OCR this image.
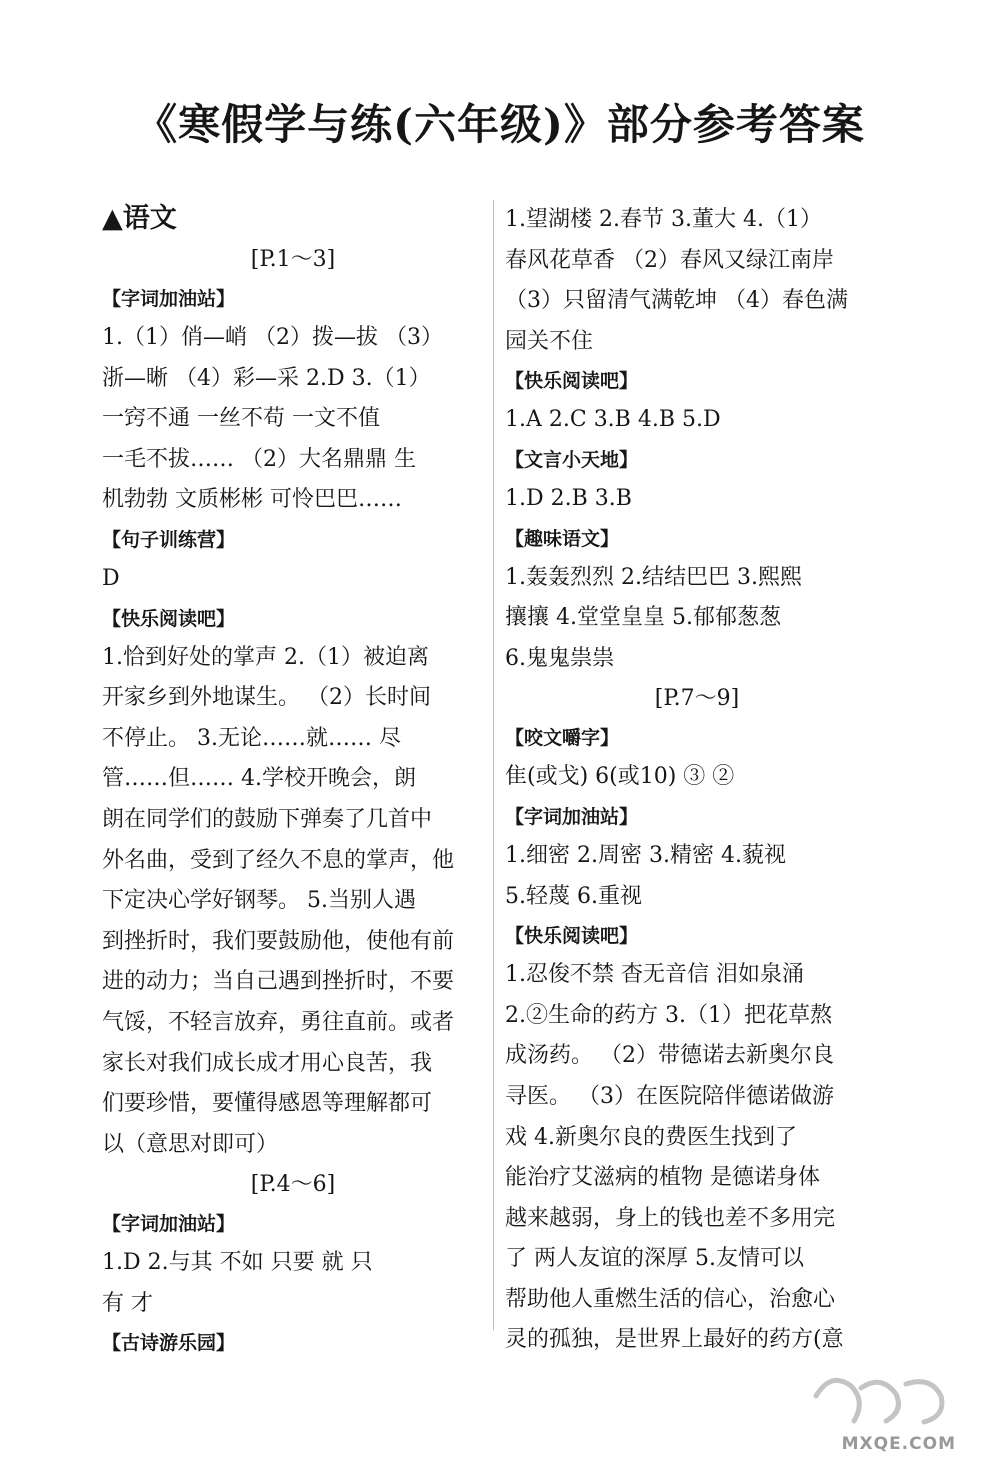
《寒假学与练(六年级)》部分参考答案
▲语文
[P.1～3]
【字词加油站】

1.（1）俏—峭 （2）拨—拔 （3）
浙—晰 （4）彩—采 2.D 3.（1）
一窍不通 一丝不苟 一文不值
一毛不拔…… （2）大名鼎鼎 生
机勃勃 文质彬彬 可怜巴巴……

【句子训练营】

D

【快乐阅读吧】

1.恰到好处的掌声 2.（1）被迫离
开家乡到外地谋生。 （2）长时间
不停止。 3.无论……就…… 尽
管……但…… 4.学校开晚会，朗
朗在同学们的鼓励下弹奏了几首中
外名曲，受到了经久不息的掌声，他
下定决心学好钢琴。 5.当别人遇
到挫折时，我们要鼓励他，使他有前
进的动力；当自己遇到挫折时，不要
气馁，不轻言放弃，勇往直前。或者
家长对我们成长成才用心良苦，我
们要珍惜，要懂得感恩等理解都可
以（意思对即可）

[P.4～6]
【字词加油站】

1.D 2.与其 不如 只要 就 只
有 才

【古诗游乐园】

1.望湖楼 2.春节 3.董大 4.（1）
春风花草香 （2）春风又绿江南岸
（3）只留清气满乾坤 （4）春色满
园关不住

【快乐阅读吧】

1.A 2.C 3.B 4.B 5.D

【文言小天地】

1.D 2.B 3.B

【趣味语文】

1.轰轰烈烈 2.结结巴巴 3.熙熙
攘攘 4.堂堂皇皇 5.郁郁葱葱
6.鬼鬼祟祟

[P.7～9]
【咬文嚼字】

隹(或戈) 6(或10) ③ ②

【字词加油站】

1.细密 2.周密 3.精密 4.藐视
5.轻蔑 6.重视

【快乐阅读吧】

1.忍俊不禁 杳无音信 泪如泉涌
2.②生命的药方 3.（1）把花草熬
成汤药。 （2）带德诺去新奥尔良
寻医。 （3）在医院陪伴德诺做游
戏 4.新奥尔良的费医生找到了
能治疗艾滋病的植物 是德诺身体
越来越弱，身上的钱也差不多用完
了 两人友谊的深厚 5.友情可以
帮助他人重燃生活的信心，治愈心
灵的孤独，是世界上最好的药方(意

MXQE.COM
